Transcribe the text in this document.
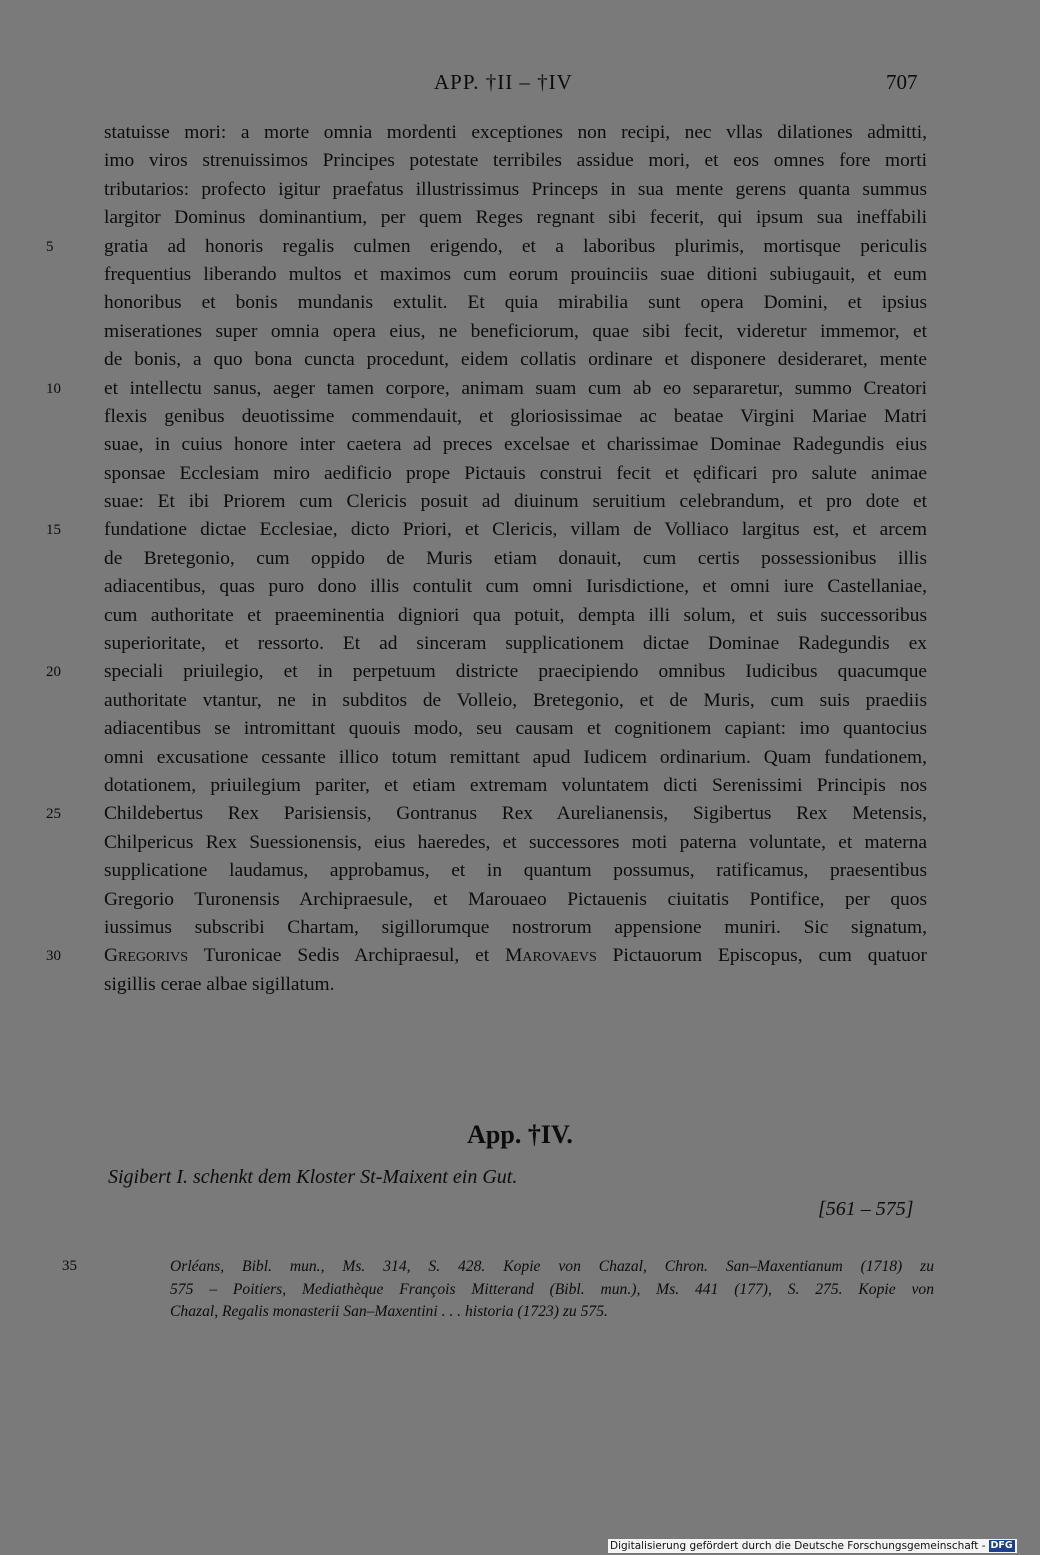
APP. †II – †IV	707
statuisse mori: a morte omnia mordenti exceptiones non recipi, nec vllas dilationes admitti,
imo viros strenuissimos Principes potestate terribiles assidue mori, et eos omnes fore morti
tributarios: profecto igitur praefatus illustrissimus Princeps in sua mente gerens quanta summus
largitor Dominus dominantium, per quem Reges regnant sibi fecerit, qui ipsum sua ineffabili
5	gratia ad honoris regalis culmen erigendo, et a laboribus plurimis, mortisque periculis
frequentius liberando multos et maximos cum eorum prouinciis suae ditioni subiugauit, et eum
honoribus et bonis mundanis extulit. Et quia mirabilia sunt opera Domini, et ipsius
miserationes super omnia opera eius, ne beneficiorum, quae sibi fecit, videretur immemor, et
de bonis, a quo bona cuncta procedunt, eidem collatis ordinare et disponere desideraret, mente
10	et intellectu sanus, aeger tamen corpore, animam suam cum ab eo separaretur, summo Creatori
flexis genibus deuotissime commendauit, et gloriosissimae ac beatae Virgini Mariae Matri
suae, in cuius honore inter caetera ad preces excelsae et charissimae Dominae Radegundis eius
sponsae Ecclesiam miro aedificio prope Pictauis construi fecit et ędificari pro salute animae
suae: Et ibi Priorem cum Clericis posuit ad diuinum seruitium celebrandum, et pro dote et
15	fundatione dictae Ecclesiae, dicto Priori, et Clericis, villam de Volliaco largitus est, et arcem
de Bretegonio, cum oppido de Muris etiam donauit, cum certis possessionibus illis
adiacentibus, quas puro dono illis contulit cum omni Iurisdictione, et omni iure Castellaniae,
cum authoritate et praeeminentia digniori qua potuit, dempta illi solum, et suis successoribus
superioritate, et ressorto. Et ad sinceram supplicationem dictae Dominae Radegundis ex
20	speciali priuilegio, et in perpetuum districte praecipiendo omnibus Iudicibus quacumque
authoritate vtantur, ne in subditos de Volleio, Bretegonio, et de Muris, cum suis praediis
adiacentibus se intromittant quouis modo, seu causam et cognitionem capiant: imo quantocius
omni excusatione cessante illico totum remittant apud Iudicem ordinarium. Quam fundationem,
dotationem, priuilegium pariter, et etiam extremam voluntatem dicti Serenissimi Principis nos
25	Childebertus Rex Parisiensis, Gontranus Rex Aurelianensis, Sigibertus Rex Metensis,
Chilpericus Rex Suessionensis, eius haeredes, et successores moti paterna voluntate, et materna
supplicatione laudamus, approbamus, et in quantum possumus, ratificamus, praesentibus
Gregorio Turonensis Archipraesule, et Marouaeo Pictauenis ciuitatis Pontifice, per quos
iussimus subscribi Chartam, sigillorumque nostrorum appensione muniri. Sic signatum,
30	Gregorivs Turonicae Sedis Archipraesul, et Marovaevs Pictauorum Episcopus, cum quatuor
sigillis cerae albae sigillatum.
App. †IV.
Sigibert I. schenkt dem Kloster St-Maixent ein Gut.
[561 – 575]
35	Orléans, Bibl. mun., Ms. 314, S. 428. Kopie von Chazal, Chron. San–Maxentianum (1718) zu
575 – Poitiers, Mediathèque François Mitterand (Bibl. mun.), Ms. 441 (177), S. 275. Kopie von
Chazal, Regalis monasterii San–Maxentini . . . historia (1723) zu 575.
Digitalisierung gefördert durch die Deutsche Forschungsgemeinschaft - DFG
